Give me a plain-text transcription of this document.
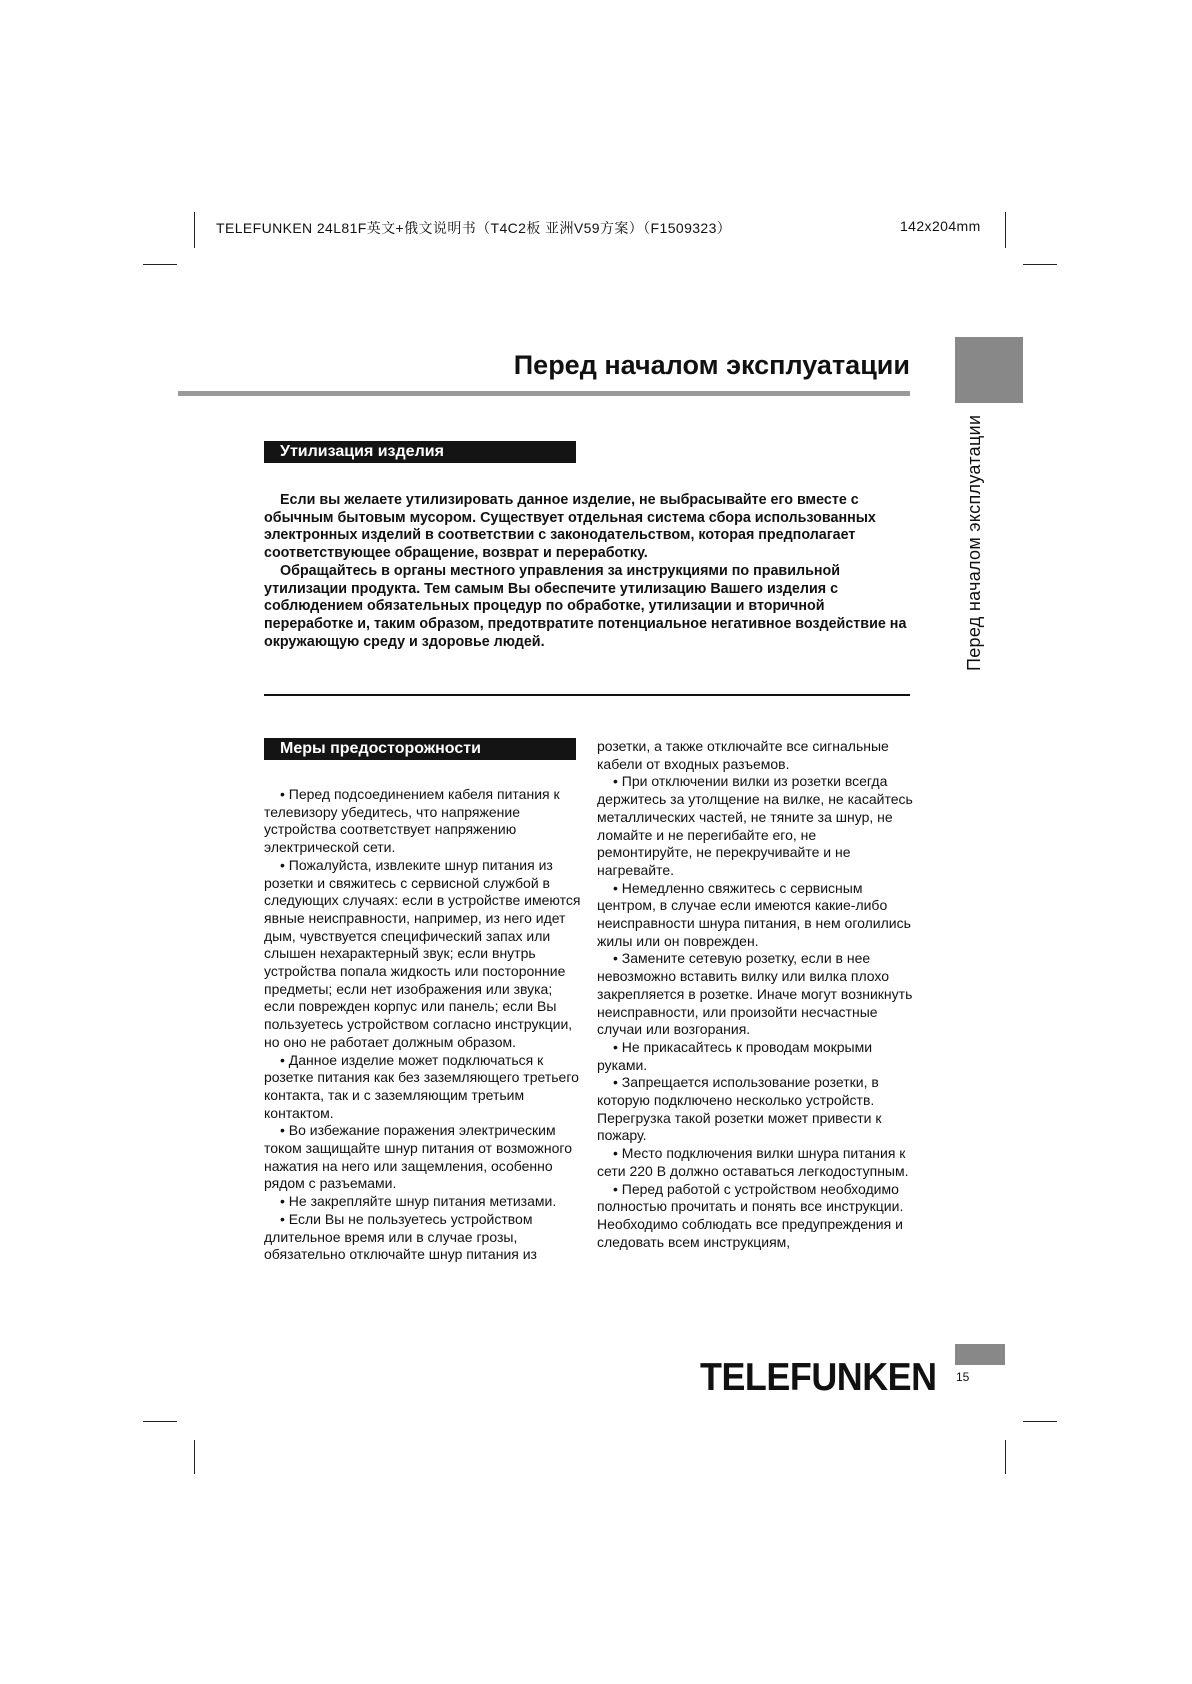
TELEFUNKEN 24L81F英文+俄文说明书（T4C2板 亚洲V59方案）（F1509323）	142x204mm
Перед началом эксплуатации
Перед началом эксплуатации
Утилизация изделия

Если вы желаете утилизировать данное изделие, не выбрасывайте его вместе с обычным бытовым мусором. Существует отдельная система сбора использованных электронных изделий в соответствии с законодательством, которая предполагает соответствующее обращение, возврат и переработку.

Обращайтесь в органы местного управления за инструкциями по правильной утилизации продукта. Тем самым Вы обеспечите утилизацию Вашего изделия с соблюдением обязательных процедур по обработке, утилизации и вторичной переработке и, таким образом, предотвратите потенциальное негативное воздействие на окружающую среду и здоровье людей.

Меры предосторожности

• Перед подсоединением кабеля питания к телевизору убедитесь, что напряжение устройства соответствует напряжению электрической сети.

• Пожалуйста, извлеките шнур питания из розетки и свяжитесь с сервисной службой в следующих случаях: если в устройстве имеются явные неисправности, например, из него идет дым, чувствуется специфический запах или слышен нехарактерный звук; если внутрь устройства попала жидкость или посторонние предметы; если нет изображения или звука; если поврежден корпус или панель; если Вы пользуетесь устройством согласно инструкции, но оно не работает должным образом.

• Данное изделие может подключаться к розетке питания как без заземляющего третьего контакта, так и с заземляющим третьим контактом.

• Во избежание поражения электрическим током защищайте шнур питания от возможного нажатия на него или защемления, особенно рядом с разъемами.

• Не закрепляйте шнур питания метизами.

• Если Вы не пользуетесь устройством длительное время или в случае грозы, обязательно отключайте шнур питания из

розетки, а также отключайте все сигнальные кабели от входных разъемов.

• При отключении вилки из розетки всегда держитесь за утолщение на вилке, не касайтесь металлических частей, не тяните за шнур, не ломайте и не перегибайте его, не ремонтируйте, не перекручивайте и не нагревайте.

• Немедленно свяжитесь с сервисным центром, в случае если имеются какие-либо неисправности шнура питания, в нем оголились жилы или он поврежден.

• Замените сетевую розетку, если в нее невозможно вставить вилку или вилка плохо закрепляется в розетке. Иначе могут возникнуть неисправности, или произойти несчастные случаи или возгорания.

• Не прикасайтесь к проводам мокрыми руками.

• Запрещается использование розетки, в которую подключено несколько устройств. Перегрузка такой розетки может привести к пожару.

• Место подключения вилки шнура питания к сети 220 В должно оставаться легкодоступным.

• Перед работой с устройством необходимо полностью прочитать и понять все инструкции. Необходимо соблюдать все предупреждения и следовать всем инструкциям,

TELEFUNKEN 15
